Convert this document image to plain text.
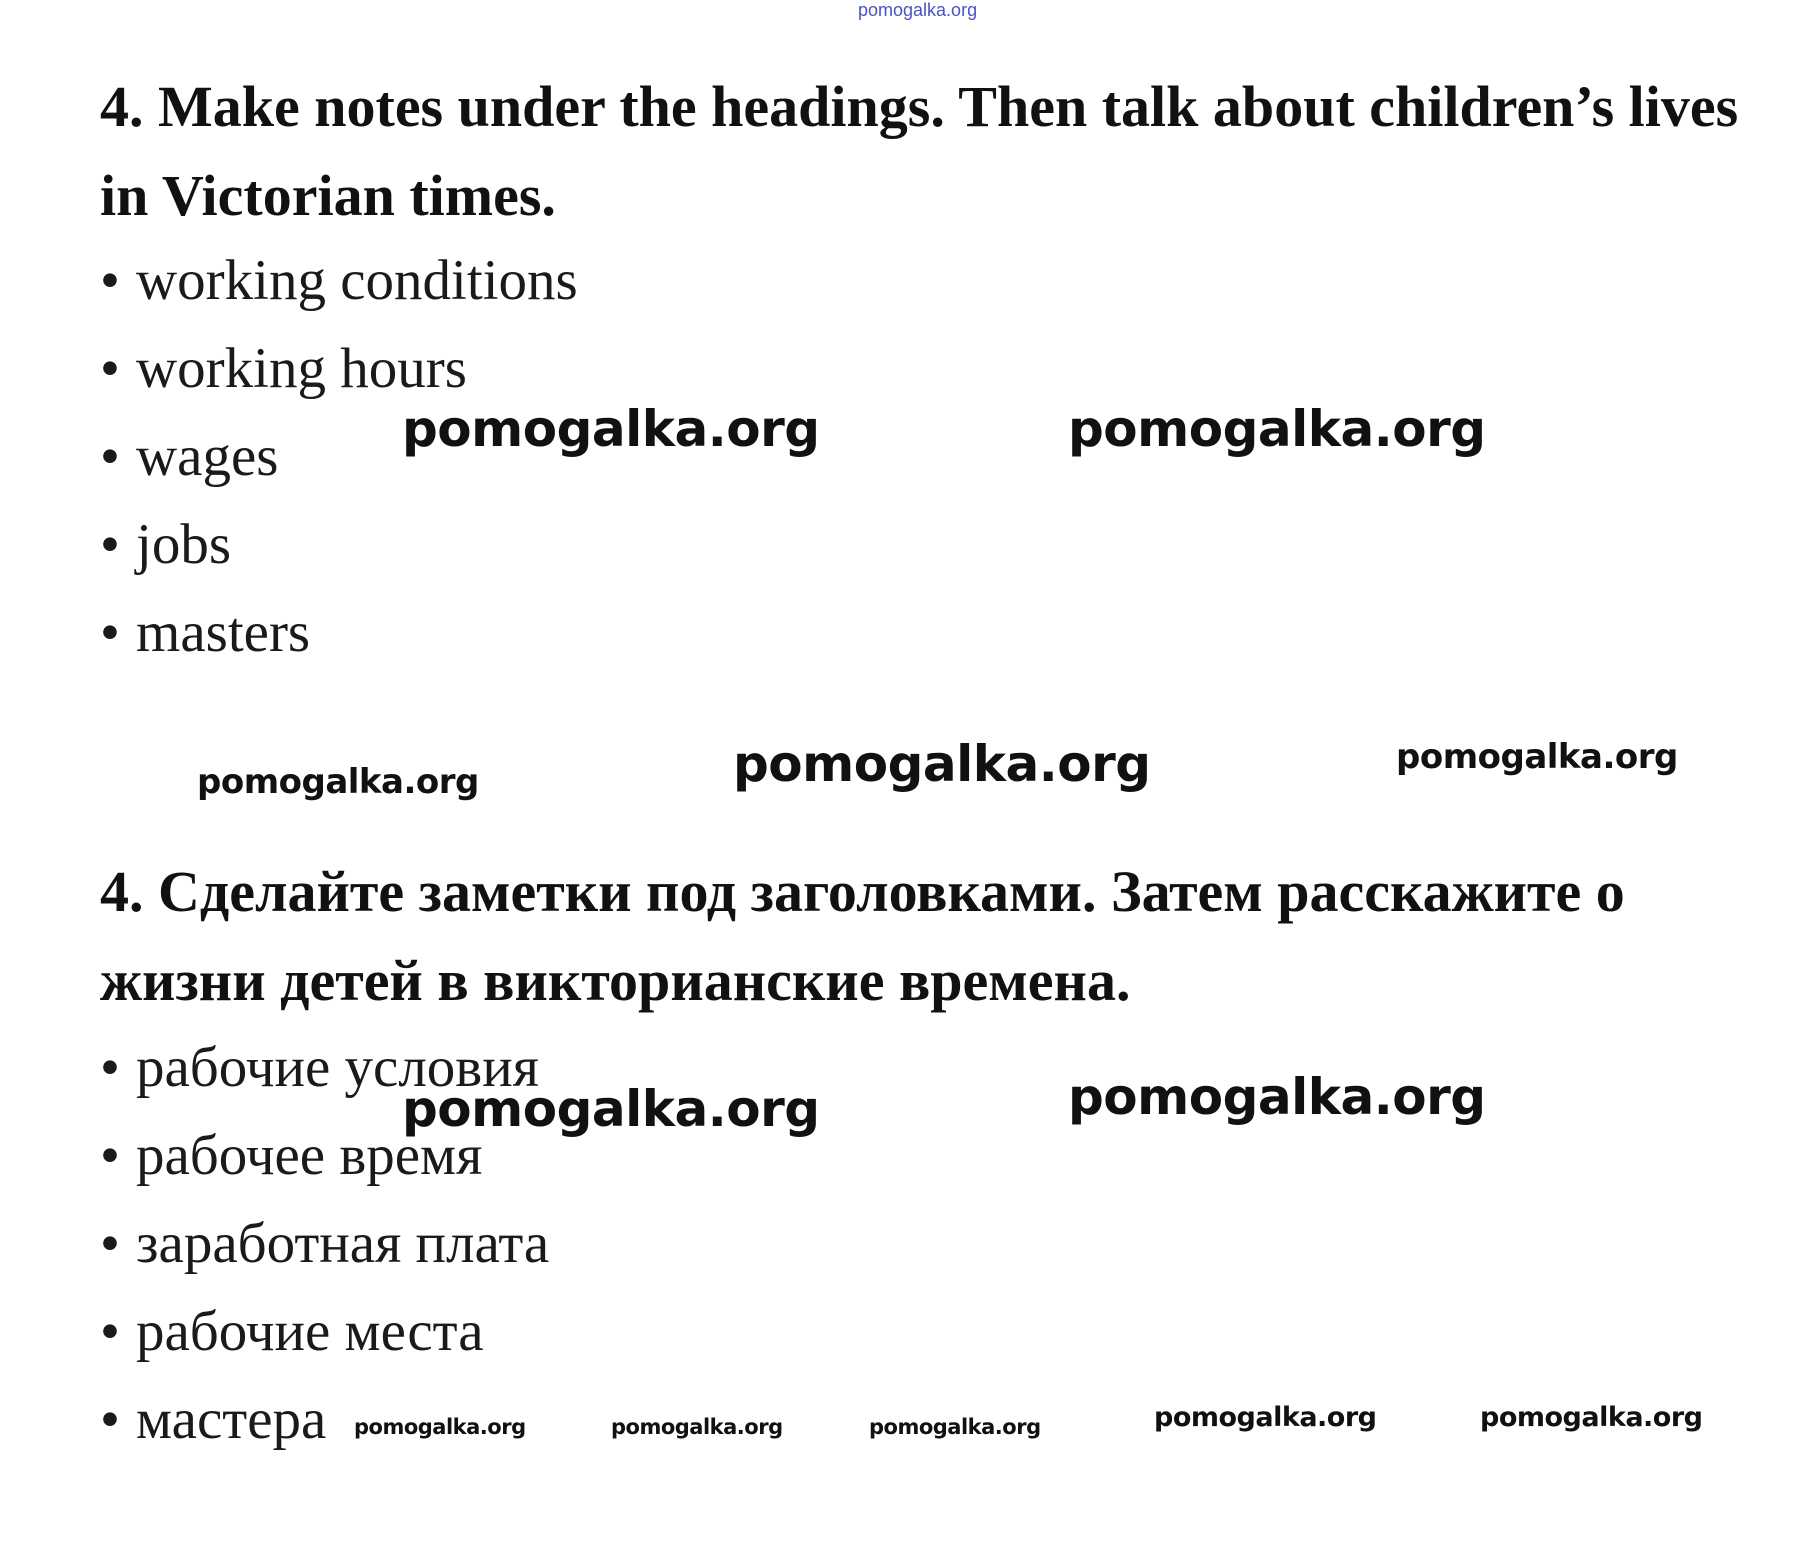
pomogalka.org
4. Make notes under the headings. Then talk about children’s lives in Victorian times.
• working conditions
• working hours
• wages
• jobs
• masters
4. Сделайте заметки под заголовками. Затем расскажите о жизни детей в викторианские времена.
• рабочие условия
• рабочее время
• заработная плата
• рабочие места
• мастера
pomogalka.org	pomogalka.org
pomogalka.org	pomogalka.org	pomogalka.org
pomogalka.org	pomogalka.org
pomogalka.org	pomogalka.org	pomogalka.org	pomogalka.org	pomogalka.org
